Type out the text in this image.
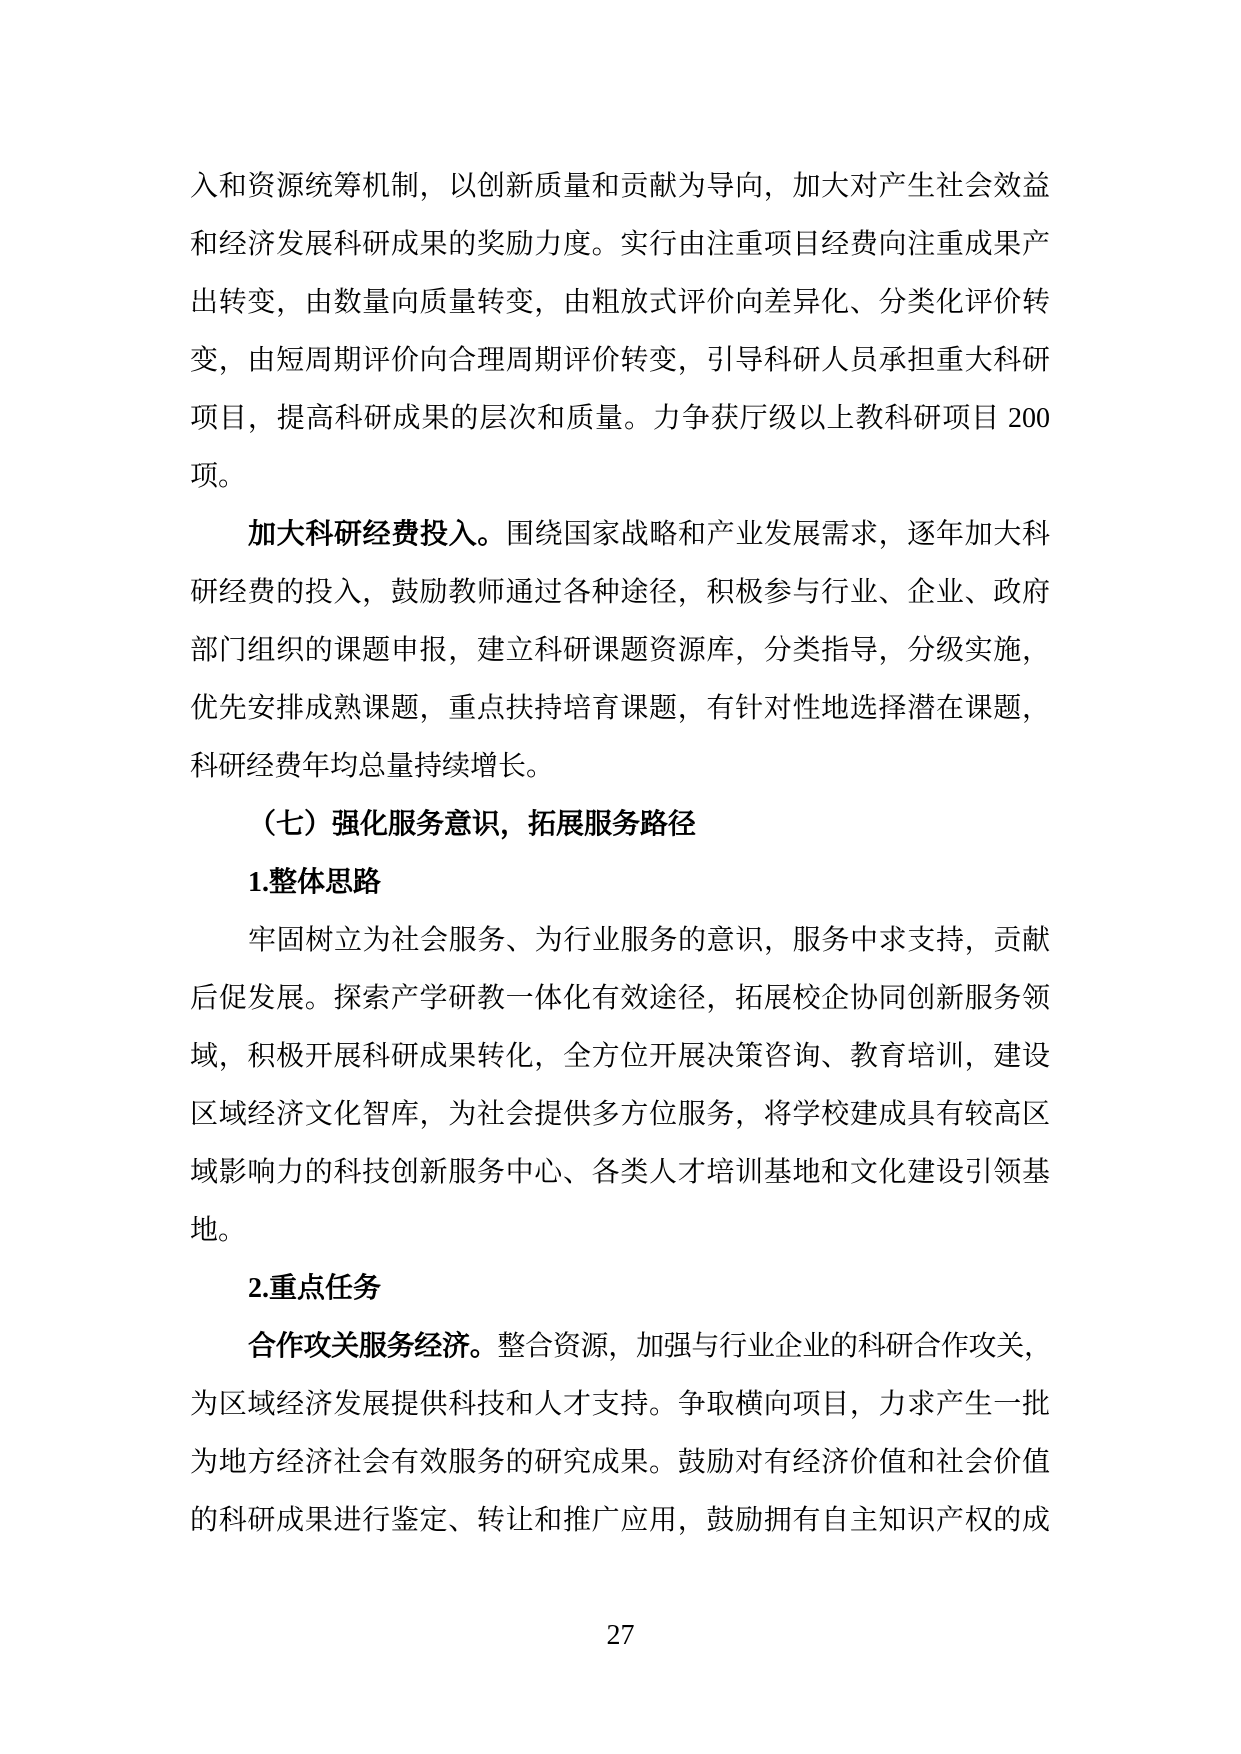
入和资源统筹机制，以创新质量和贡献为导向，加大对产生社会效益
和经济发展科研成果的奖励力度。实行由注重项目经费向注重成果产
出转变，由数量向质量转变，由粗放式评价向差异化、分类化评价转
变，由短周期评价向合理周期评价转变，引导科研人员承担重大科研
项目，提高科研成果的层次和质量。力争获厅级以上教科研项目 200
项。
加大科研经费投入。围绕国家战略和产业发展需求，逐年加大科
研经费的投入，鼓励教师通过各种途径，积极参与行业、企业、政府
部门组织的课题申报，建立科研课题资源库，分类指导，分级实施，
优先安排成熟课题，重点扶持培育课题，有针对性地选择潜在课题，
科研经费年均总量持续增长。
（七）强化服务意识，拓展服务路径
1.整体思路
牢固树立为社会服务、为行业服务的意识，服务中求支持，贡献
后促发展。探索产学研教一体化有效途径，拓展校企协同创新服务领
域，积极开展科研成果转化，全方位开展决策咨询、教育培训，建设
区域经济文化智库，为社会提供多方位服务，将学校建成具有较高区
域影响力的科技创新服务中心、各类人才培训基地和文化建设引领基
地。
2.重点任务
合作攻关服务经济。整合资源，加强与行业企业的科研合作攻关，
为区域经济发展提供科技和人才支持。争取横向项目，力求产生一批
为地方经济社会有效服务的研究成果。鼓励对有经济价值和社会价值
的科研成果进行鉴定、转让和推广应用，鼓励拥有自主知识产权的成
27
